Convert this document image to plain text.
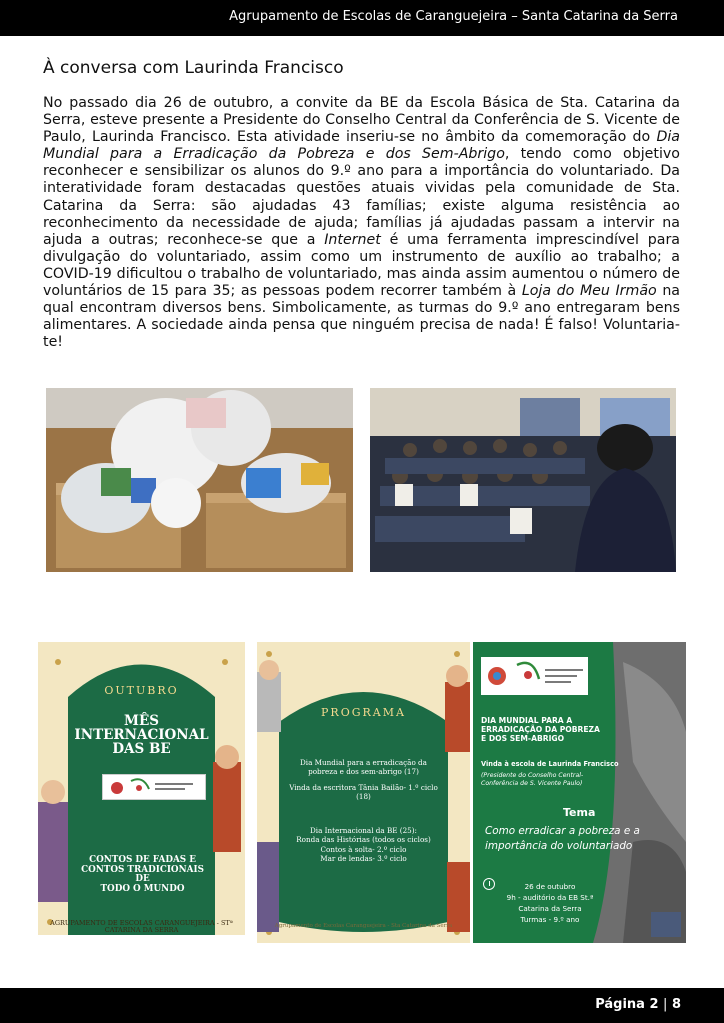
Agrupamento de Escolas de Caranguejeira – Santa Catarina da Serra
À conversa com Laurinda Francisco
No passado dia 26 de outubro, a convite da BE da Escola Básica de Sta. Catarina da Serra, esteve presente a Presidente do Conselho Central da Conferência de S. Vicente de Paulo, Laurinda Francisco. Esta atividade inseriu-se no âmbito da comemoração do Dia Mundial para a Erradicação da Pobreza e dos Sem-Abrigo, tendo como objetivo reconhecer e sensibilizar os alunos do 9.º ano para a importância do voluntariado. Da interatividade foram destacadas questões atuais vividas pela comunidade de Sta. Catarina da Serra: são ajudadas 43 famílias; existe alguma resistência ao reconhecimento da necessidade de ajuda; famílias já ajudadas passam a intervir na ajuda a outras; reconhece-se que a Internet é uma ferramenta imprescindível para divulgação do voluntariado, assim como um instrumento de auxílio ao trabalho; a COVID-19 dificultou o trabalho de voluntariado, mas ainda assim aumentou o número de voluntários de 15 para 35; as pessoas podem recorrer também à Loja do Meu Irmão na qual encontram diversos bens. Simbolicamente, as turmas do 9.º ano entregaram bens alimentares. A sociedade ainda pensa que ninguém precisa de nada! É falso! Voluntaria-te!
OUTUBRO
MÊS
INTERNACIONAL
DAS BE
CONTOS DE FADAS E
CONTOS TRADICIONAIS DE
TODO O MUNDO
AGRUPAMENTO DE ESCOLAS CARANGUEJEIRA - STª CATARINA DA SERRA
PROGRAMA
Dia Mundial para a erradicação da
pobreza e dos sem-abrigo (17)
Vinda da escritora Tânia Bailão- 1.º ciclo
(18)
Dia Internacional da BE (25):
Ronda das Histórias (todos os ciclos)
Contos à solta- 2.º ciclo
Mar de lendas- 3.º ciclo
Agrupamento de Escolas Caranguejeira - Sta Catarina da Serra
DIA MUNDIAL PARA A
ERRADICAÇÃO DA POBREZA
E DOS SEM-ABRIGO
Vinda à escola de Laurinda Francisco
(Presidente do Conselho Central-
Conferência de S. Vicente Paulo)
Tema
Como erradicar a pobreza e a
importância do voluntariado
26 de outubro
9h - auditório da EB St.ª
Catarina da Serra
Turmas - 9.º ano
Página 2 | 8
